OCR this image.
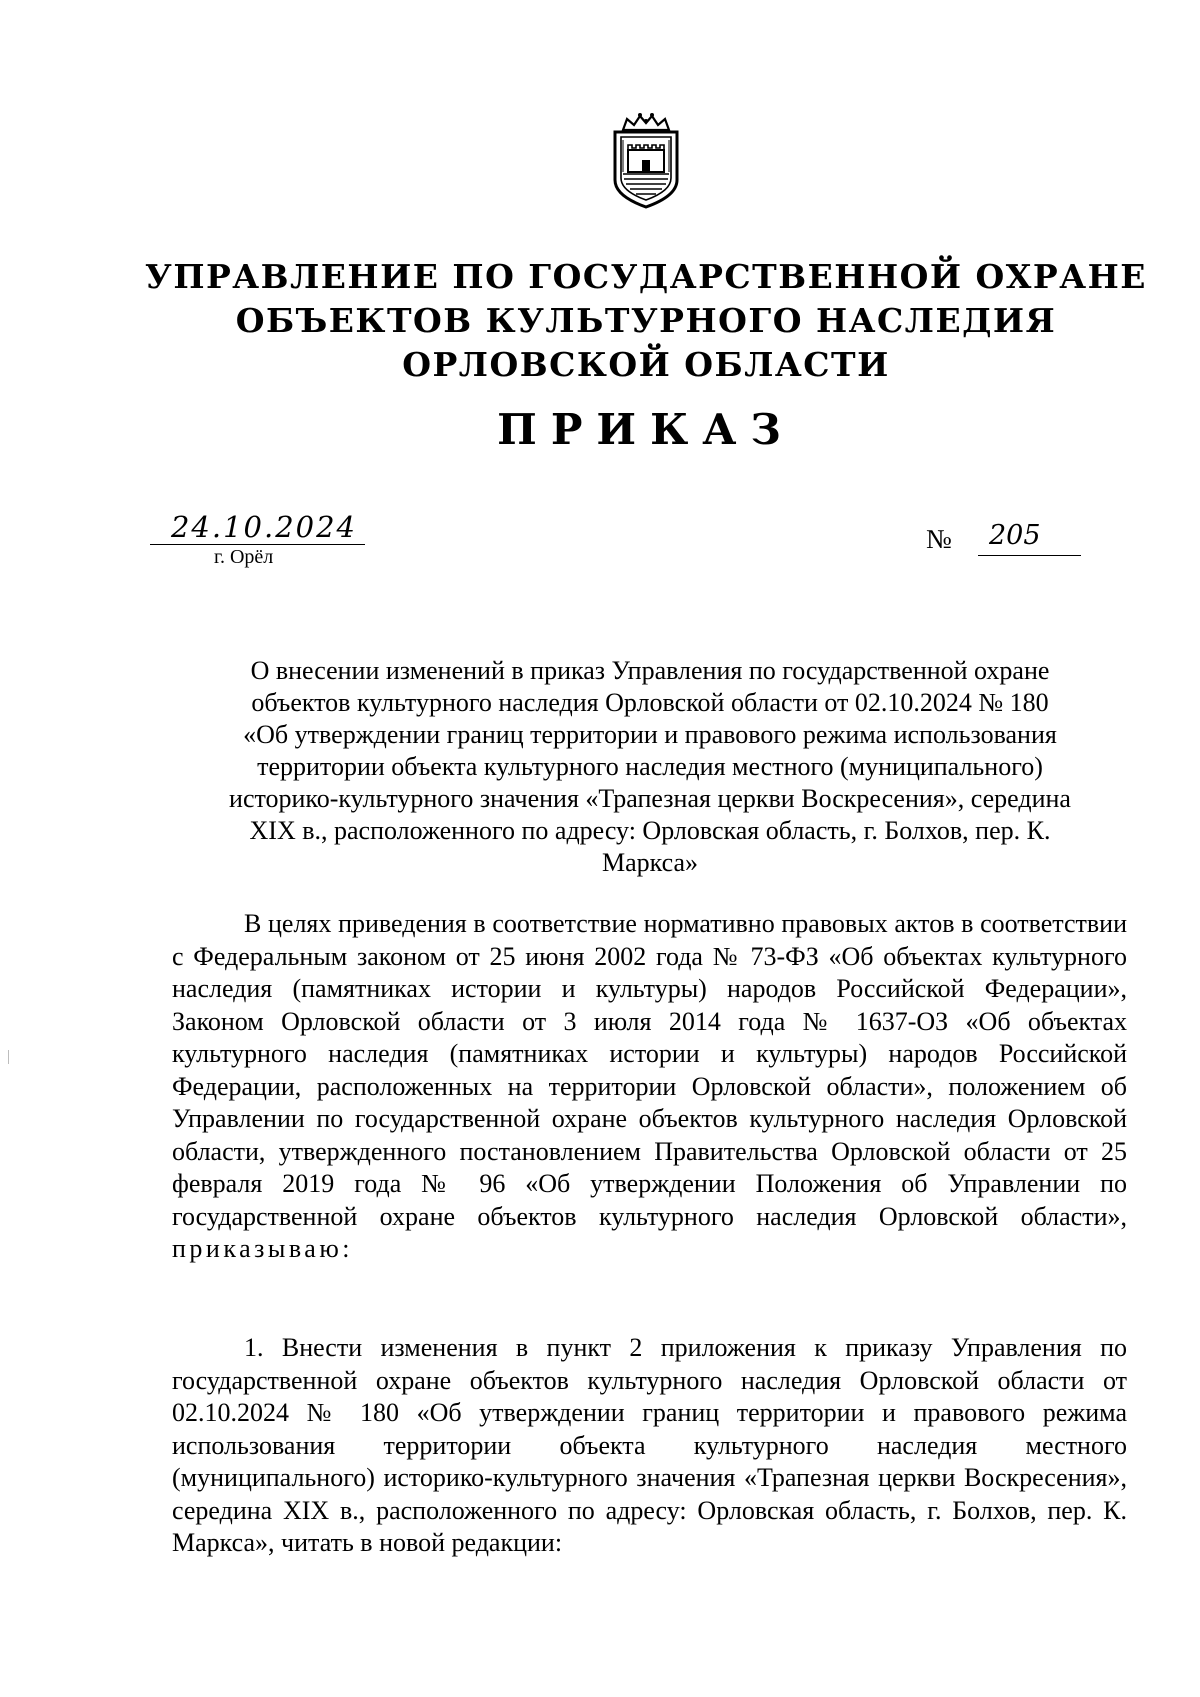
УПРАВЛЕНИЕ ПО ГОСУДАРСТВЕННОЙ ОХРАНЕ
ОБЪЕКТОВ КУЛЬТУРНОГО НАСЛЕДИЯ
ОРЛОВСКОЙ ОБЛАСТИ
ПРИКАЗ
24.10.2024
г. Орёл
№ 205
О внесении изменений в приказ Управления по государственной охране
объектов культурного наследия Орловской области от 02.10.2024 № 180
«Об утверждении границ территории и правового режима использования
территории объекта культурного наследия местного (муниципального)
историко-культурного значения «Трапезная церкви Воскресения», середина
XIX в., расположенного по адресу: Орловская область, г. Болхов, пер. К.
Маркса»

В целях приведения в соответствие нормативно правовых актов в соответствии с Федеральным законом от 25 июня 2002 года № 73-ФЗ «Об объектах культурного наследия (памятниках истории и культуры) народов Российской Федерации», Законом Орловской области от 3 июля 2014 года № 1637-ОЗ «Об объектах культурного наследия (памятниках истории и культуры) народов Российской Федерации, расположенных на территории Орловской области», положением об Управлении по государственной охране объектов культурного наследия Орловской области, утвержденного постановлением Правительства Орловской области от 25 февраля 2019 года № 96 «Об утверждении Положения об Управлении по государственной охране объектов культурного наследия Орловской области», приказываю:

1. Внести изменения в пункт 2 приложения к приказу Управления по государственной охране объектов культурного наследия Орловской области от 02.10.2024 № 180 «Об утверждении границ территории и правового режима использования территории объекта культурного наследия местного (муниципального) историко-культурного значения «Трапезная церкви Воскресения», середина XIX в., расположенного по адресу: Орловская область, г. Болхов, пер. К. Маркса», читать в новой редакции:
